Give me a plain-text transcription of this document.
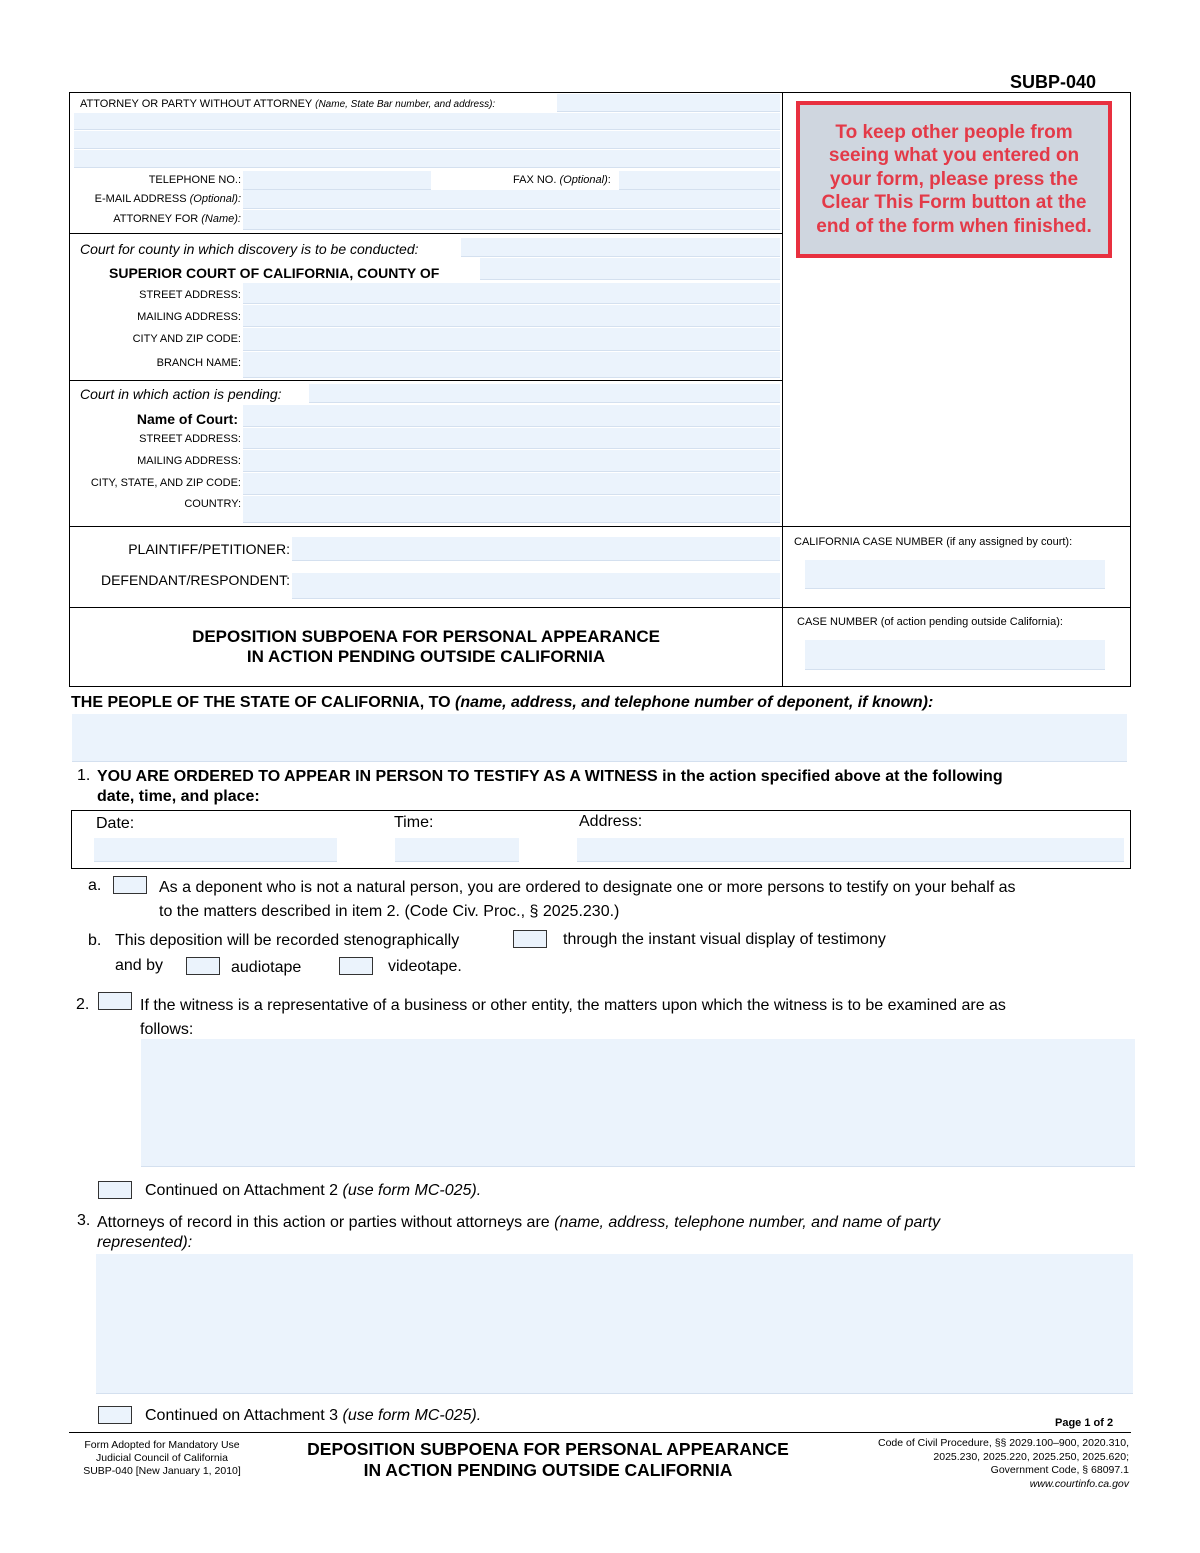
SUBP-040
ATTORNEY OR PARTY WITHOUT ATTORNEY (Name, State Bar number, and address):
TELEPHONE NO.:	FAX NO. (Optional):
E-MAIL ADDRESS (Optional):
ATTORNEY FOR (Name):
To keep other people from seeing what you entered on your form, please press the Clear This Form button at the end of the form when finished.
Court for county in which discovery is to be conducted:
SUPERIOR COURT OF CALIFORNIA, COUNTY OF
STREET ADDRESS:
MAILING ADDRESS:
CITY AND ZIP CODE:
BRANCH NAME:
Court in which action is pending:
Name of Court:
STREET ADDRESS:
MAILING ADDRESS:
CITY, STATE, AND ZIP CODE:
COUNTRY:
PLAINTIFF/PETITIONER:
DEFENDANT/RESPONDENT:
CALIFORNIA CASE NUMBER (if any assigned by court):
CASE NUMBER (of action pending outside California):
DEPOSITION SUBPOENA FOR PERSONAL APPEARANCE
IN ACTION PENDING OUTSIDE CALIFORNIA
THE PEOPLE OF THE STATE OF CALIFORNIA, TO (name, address, and telephone number of deponent, if known):
1. YOU ARE ORDERED TO APPEAR IN PERSON TO TESTIFY AS A WITNESS in the action specified above at the following
date, time, and place:
Date:	Time:	Address:
a.	As a deponent who is not a natural person, you are ordered to designate one or more persons to testify on your behalf as
to the matters described in item 2. (Code Civ. Proc., § 2025.230.)
b. This deposition will be recorded stenographically	through the instant visual display of testimony
and by	audiotape	videotape.
2.	If the witness is a representative of a business or other entity, the matters upon which the witness is to be examined are as
follows:
Continued on Attachment 2 (use form MC-025).
3. Attorneys of record in this action or parties without attorneys are (name, address, telephone number, and name of party
represented):
Continued on Attachment 3 (use form MC-025).	Page 1 of 2
Form Adopted for Mandatory Use
Judicial Council of California
SUBP-040 [New January 1, 2010]
DEPOSITION SUBPOENA FOR PERSONAL APPEARANCE
IN ACTION PENDING OUTSIDE CALIFORNIA
Code of Civil Procedure, §§ 2029.100–900, 2020.310,
2025.230, 2025.220, 2025.250, 2025.620;
Government Code, § 68097.1
www.courtinfo.ca.gov
